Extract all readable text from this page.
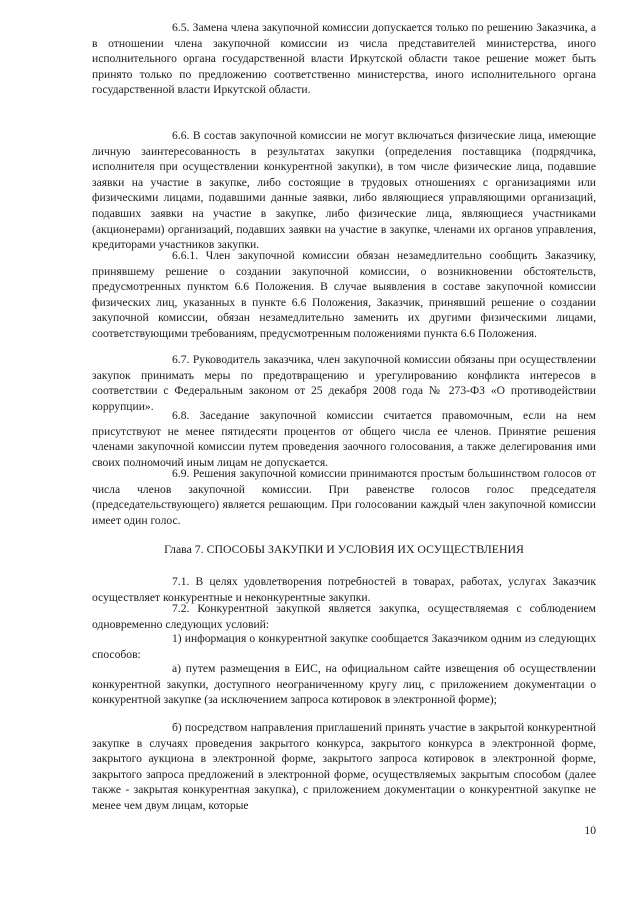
6.5. Замена члена закупочной комиссии допускается только по решению Заказчика, а в отношении члена закупочной комиссии из числа представителей министерства, иного исполнительного органа государственной власти Иркутской области такое решение может быть принято только по предложению соответственно министерства, иного исполнительного органа государственной власти Иркутской области.

6.6. В состав закупочной комиссии не могут включаться физические лица, имеющие личную заинтересованность в результатах закупки (определения поставщика (подрядчика, исполнителя при осуществлении конкурентной закупки), в том числе физические лица, подавшие заявки на участие в закупке, либо состоящие в трудовых отношениях с организациями или физическими лицами, подавшими данные заявки, либо являющиеся управляющими организаций, подавших заявки на участие в закупке, либо физические лица, являющиеся участниками (акционерами) организаций, подавших заявки на участие в закупке, членами их органов управления, кредиторами участников закупки.

6.6.1. Член закупочной комиссии обязан незамедлительно сообщить Заказчику, принявшему решение о создании закупочной комиссии, о возникновении обстоятельств, предусмотренных пунктом 6.6 Положения. В случае выявления в составе закупочной комиссии физических лиц, указанных в пункте 6.6 Положения, Заказчик, принявший решение о создании закупочной комиссии, обязан незамедлительно заменить их другими физическими лицами, соответствующими требованиям, предусмотренным положениями пункта 6.6 Положения.

6.7. Руководитель заказчика, член закупочной комиссии обязаны при осуществлении закупок принимать меры по предотвращению и урегулированию конфликта интересов в соответствии с Федеральным законом от 25 декабря 2008 года № 273-ФЗ «О противодействии коррупции».

6.8. Заседание закупочной комиссии считается правомочным, если на нем присутствуют не менее пятидесяти процентов от общего числа ее членов. Принятие решения членами закупочной комиссии путем проведения заочного голосования, а также делегирования ими своих полномочий иным лицам не допускается.

6.9. Решения закупочной комиссии принимаются простым большинством голосов от числа членов закупочной комиссии. При равенстве голосов голос председателя (председательствующего) является решающим. При голосовании каждый член закупочной комиссии имеет один голос.

Глава 7. СПОСОБЫ ЗАКУПКИ И УСЛОВИЯ ИХ ОСУЩЕСТВЛЕНИЯ

7.1. В целях удовлетворения потребностей в товарах, работах, услугах Заказчик осуществляет конкурентные и неконкурентные закупки.

7.2. Конкурентной закупкой является закупка, осуществляемая с соблюдением одновременно следующих условий:

1) информация о конкурентной закупке сообщается Заказчиком одним из следующих способов:

а) путем размещения в ЕИС, на официальном сайте извещения об осуществлении конкурентной закупки, доступного неограниченному кругу лиц, с приложением документации о конкурентной закупке (за исключением запроса котировок в электронной форме);

б) посредством направления приглашений принять участие в закрытой конкурентной закупке в случаях проведения закрытого конкурса, закрытого конкурса в электронной форме, закрытого аукциона в электронной форме, закрытого запроса котировок в электронной форме, закрытого запроса предложений в электронной форме, осуществляемых закрытым способом (далее также - закрытая конкурентная закупка), с приложением документации о конкурентной закупке не менее чем двум лицам, которые

10
